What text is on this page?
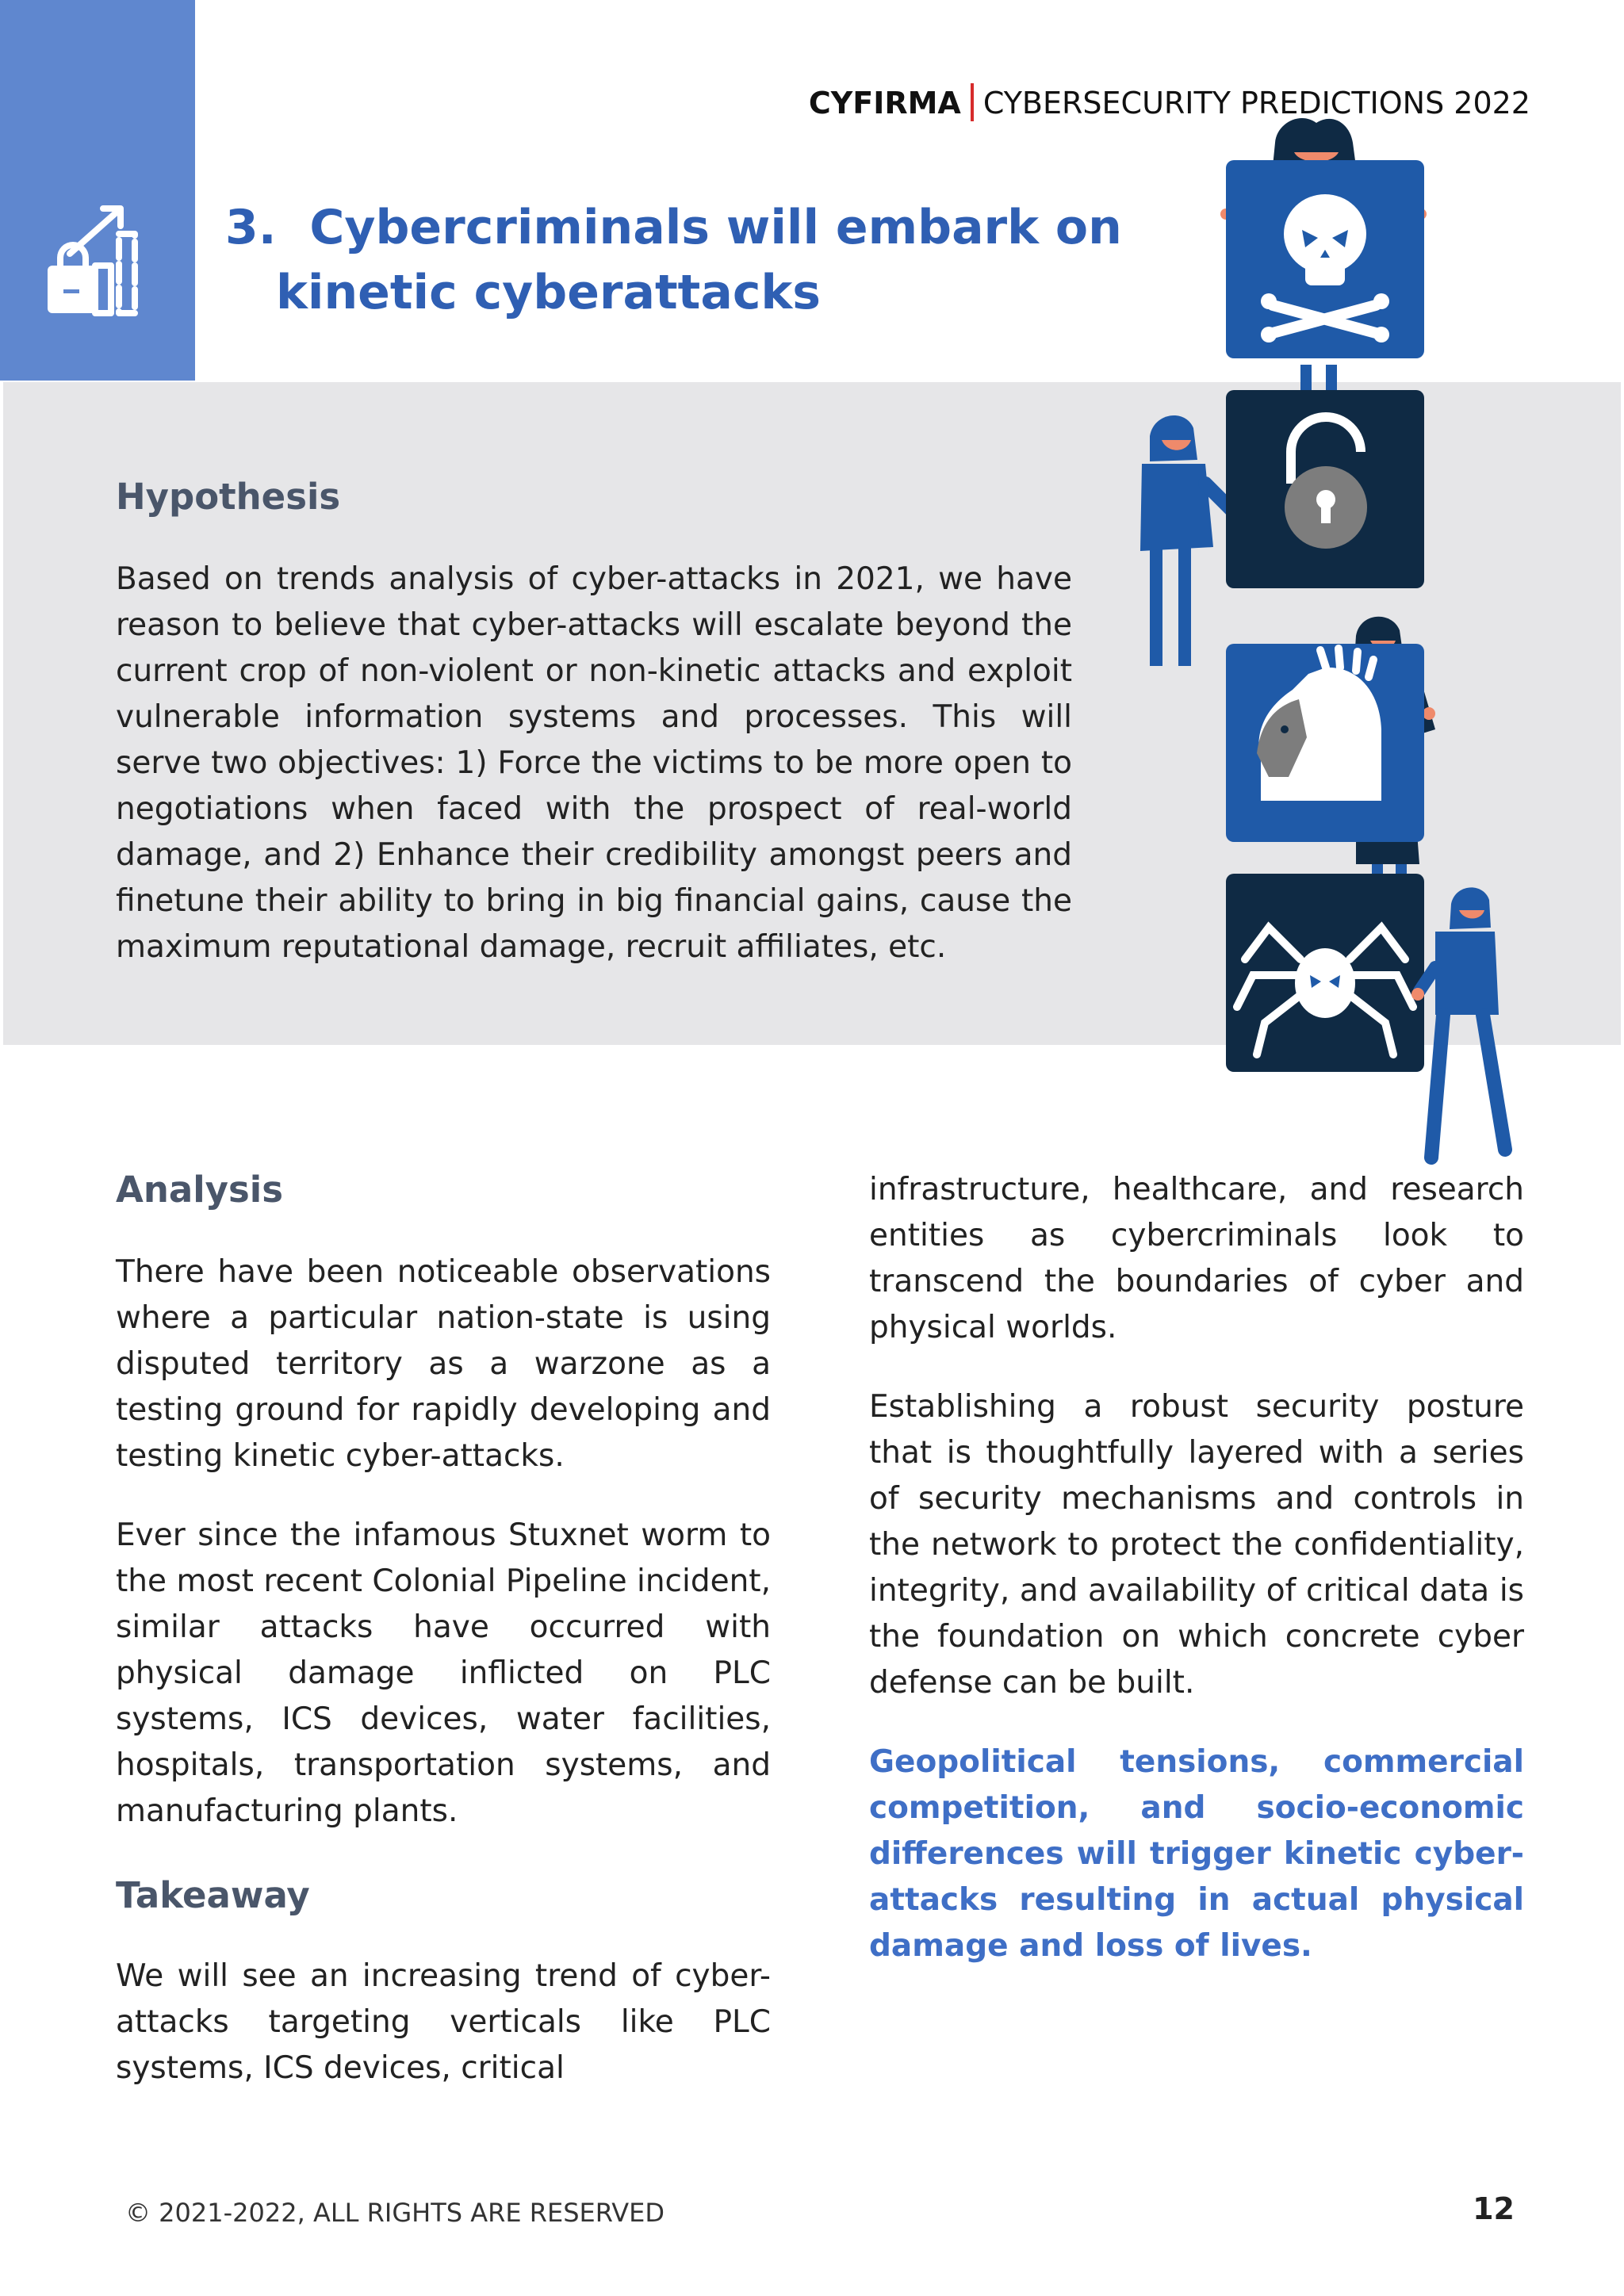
CYFIRMA CYBERSECURITY PREDICTIONS 2022
3. Cybercriminals will embark on
kinetic cyberattacks
Hypothesis
Based on trends analysis of cyber-attacks in 2021, we have reason to believe that cyber-attacks will escalate beyond the current crop of non-violent or non-kinetic attacks and exploit vulnerable information systems and processes. This will serve two objectives: 1) Force the victims to be more open to negotiations when faced with the prospect of real-world damage, and 2) Enhance their credibility amongst peers and finetune their ability to bring in big financial gains, cause the maximum reputational damage, recruit affiliates, etc.
Analysis
There have been noticeable observations where a particular nation-state is using disputed territory as a warzone as a testing ground for rapidly developing and testing kinetic cyber-attacks.
Ever since the infamous Stuxnet worm to the most recent Colonial Pipeline incident, similar attacks have occurred with physical damage inflicted on PLC systems, ICS devices, water facilities, hospitals, transportation systems, and manufacturing plants.
Takeaway
We will see an increasing trend of cyber-attacks targeting verticals like PLC systems, ICS devices, critical
infrastructure, healthcare, and research entities as cybercriminals look to transcend the boundaries of cyber and physical worlds.
Establishing a robust security posture that is thoughtfully layered with a series of security mechanisms and controls in the network to protect the confidentiality, integrity, and availability of critical data is the foundation on which concrete cyber defense can be built.
Geopolitical tensions, commercial competition, and socio-economic differences will trigger kinetic cyber-attacks resulting in actual physical damage and loss of lives.
© 2021-2022, ALL RIGHTS ARE RESERVED	12
